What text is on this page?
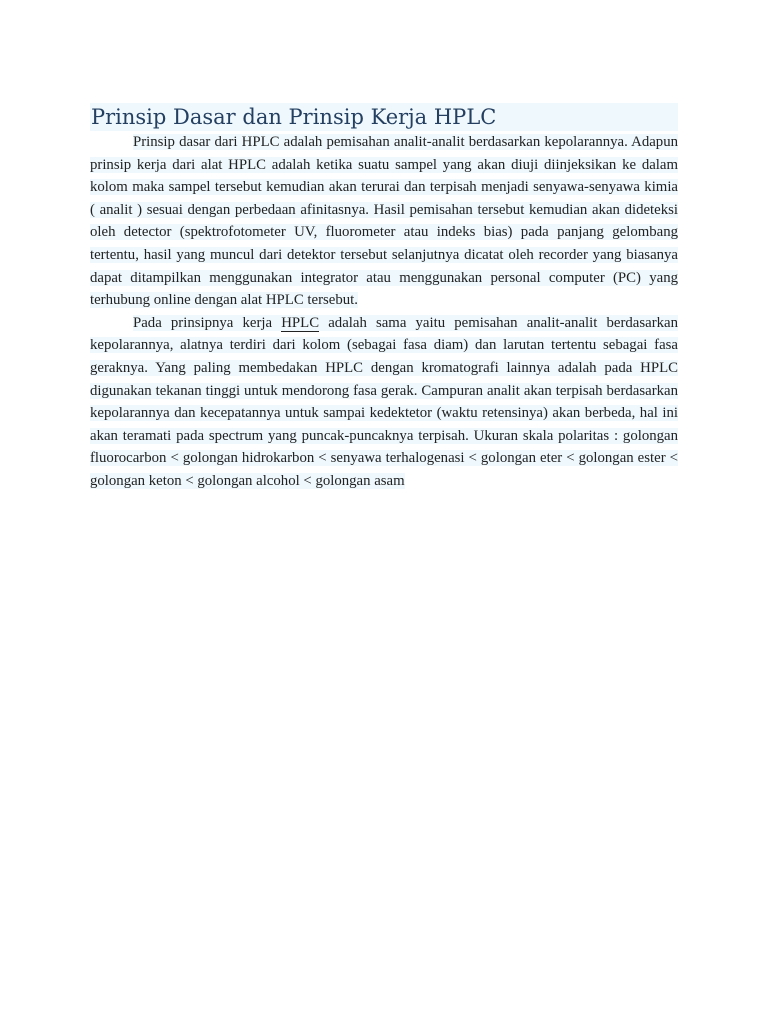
Prinsip Dasar dan Prinsip Kerja HPLC

Prinsip dasar dari HPLC adalah pemisahan analit-analit berdasarkan kepolarannya. Adapun prinsip kerja dari alat HPLC adalah ketika suatu sampel yang akan diuji diinjeksikan ke dalam kolom maka sampel tersebut kemudian akan terurai dan terpisah menjadi senyawa-senyawa kimia ( analit ) sesuai dengan perbedaan afinitasnya. Hasil pemisahan tersebut kemudian akan dideteksi oleh detector (spektrofotometer UV, fluorometer atau indeks bias) pada panjang gelombang tertentu, hasil yang muncul dari detektor tersebut selanjutnya dicatat oleh recorder yang biasanya dapat ditampilkan menggunakan integrator atau menggunakan personal computer (PC) yang terhubung online dengan alat HPLC tersebut.

Pada prinsipnya kerja HPLC adalah sama yaitu pemisahan analit-analit berdasarkan kepolarannya, alatnya terdiri dari kolom (sebagai fasa diam) dan larutan tertentu sebagai fasa geraknya. Yang paling membedakan HPLC dengan kromatografi lainnya adalah pada HPLC digunakan tekanan tinggi untuk mendorong fasa gerak. Campuran analit akan terpisah berdasarkan kepolarannya dan kecepatannya untuk sampai kedektetor (waktu retensinya) akan berbeda, hal ini akan teramati pada spectrum yang puncak-puncaknya terpisah. Ukuran skala polaritas : golongan fluorocarbon < golongan hidrokarbon < senyawa terhalogenasi < golongan eter < golongan ester < golongan keton < golongan alcohol < golongan asam
